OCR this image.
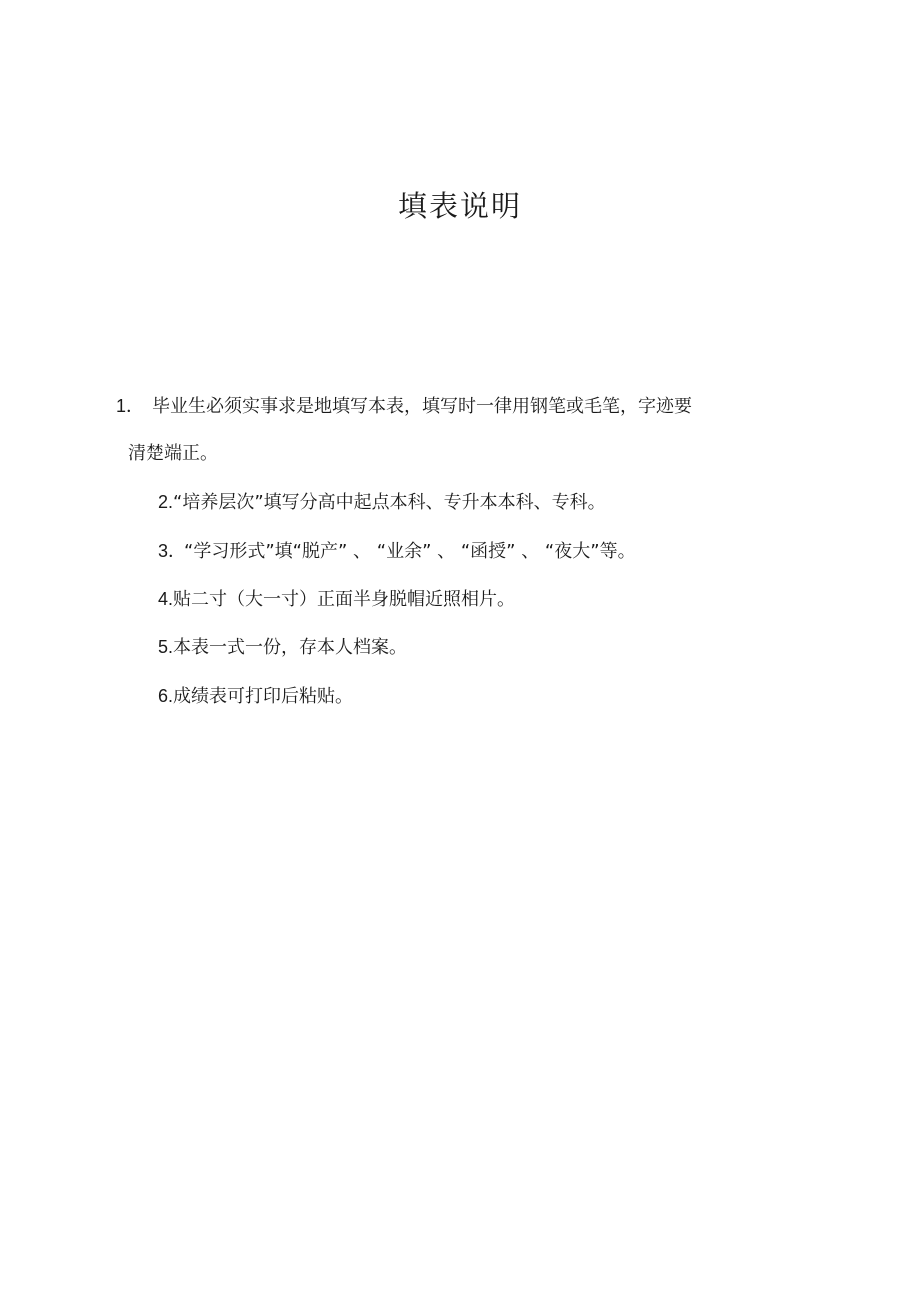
填表说明
1． 毕业生必须实事求是地填写本表，填写时一律用钢笔或毛笔，字迹要
清楚端正。
2.“培养层次”填写分高中起点本科、专升本本科、专科。
3．“学习形式”填“脱产” 、 “业余” 、 “函授” 、 “夜大”等。
4.贴二寸（大一寸）正面半身脱帽近照相片。
5.本表一式一份，存本人档案。
6.成绩表可打印后粘贴。
